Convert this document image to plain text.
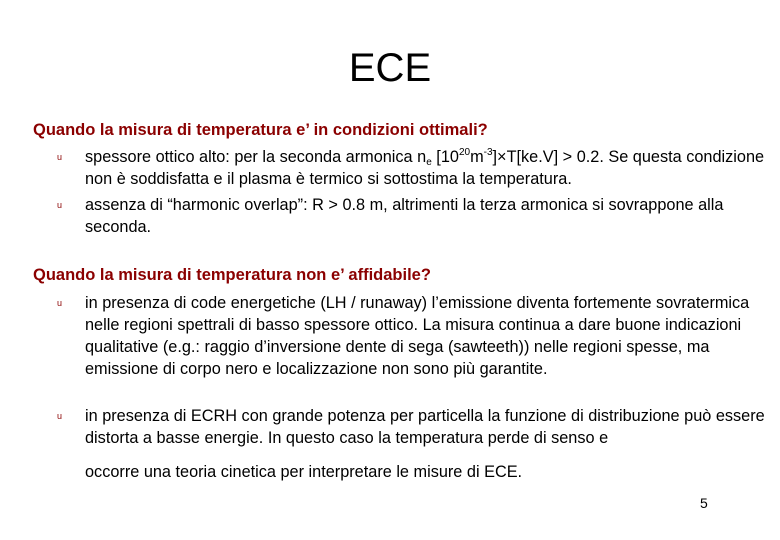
ECE
Quando la misura di temperatura e’ in condizioni ottimali?
u spessore ottico alto: per la seconda armonica $n_e$ $[10^{20}m^{-3}]\times T[ke.V] > 0.2$. Se questa condizione non è soddisfatta e il plasma è termico si sottostima la temperatura.
u assenza di “harmonic overlap”: R > 0.8 m, altrimenti la terza armonica si sovrappone alla seconda.
Quando la misura di temperatura non e’ affidabile?
u in presenza di code energetiche (LH / runaway) l’emissione diventa fortemente sovratermica nelle regioni spettrali di basso spessore ottico. La misura continua a dare buone indicazioni qualitative (e.g.: raggio d’inversione dente di sega (sawteeth)) nelle regioni spesse, ma emissione di corpo nero e localizzazione non sono più garantite.
u in presenza di ECRH con grande potenza per particella la funzione di distribuzione può essere distorta a basse energie. In questo caso la temperatura perde di senso e
occorre una teoria cinetica per interpretare le misure di ECE.
5
